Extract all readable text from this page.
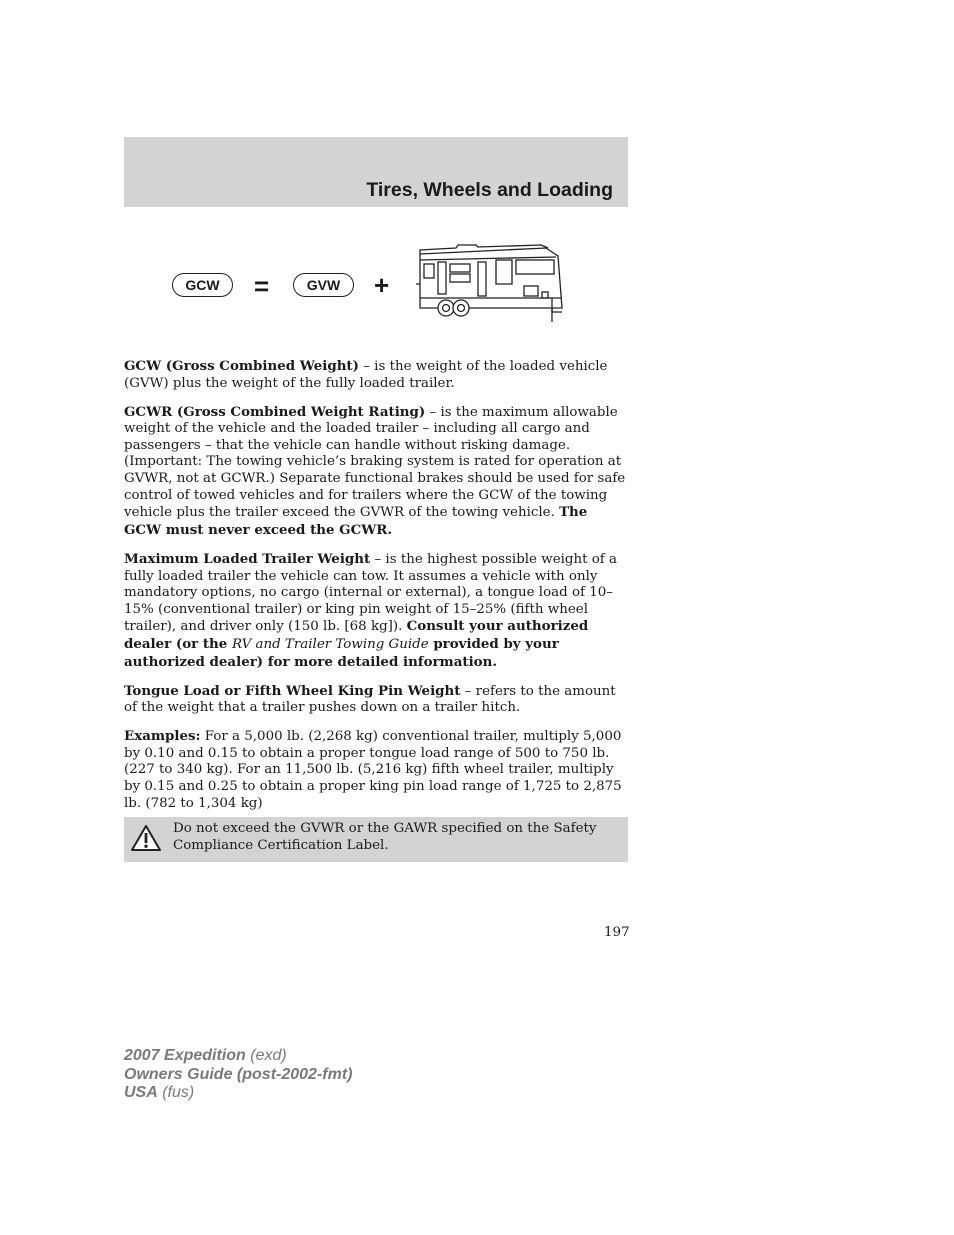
Tires, Wheels and Loading
GCW	=	GVW	+

GCW (Gross Combined Weight) – is the weight of the loaded vehicle (GVW) plus the weight of the fully loaded trailer.

GCWR (Gross Combined Weight Rating) – is the maximum allowable weight of the vehicle and the loaded trailer – including all cargo and passengers – that the vehicle can handle without risking damage. (Important: The towing vehicle’s braking system is rated for operation at GVWR, not at GCWR.) Separate functional brakes should be used for safe control of towed vehicles and for trailers where the GCW of the towing vehicle plus the trailer exceed the GVWR of the towing vehicle. The GCW must never exceed the GCWR.

Maximum Loaded Trailer Weight – is the highest possible weight of a fully loaded trailer the vehicle can tow. It assumes a vehicle with only mandatory options, no cargo (internal or external), a tongue load of 10–15% (conventional trailer) or king pin weight of 15–25% (fifth wheel trailer), and driver only (150 lb. [68 kg]). Consult your authorized dealer (or the RV and Trailer Towing Guide provided by your authorized dealer) for more detailed information.

Tongue Load or Fifth Wheel King Pin Weight – refers to the amount of the weight that a trailer pushes down on a trailer hitch.

Examples: For a 5,000 lb. (2,268 kg) conventional trailer, multiply 5,000 by 0.10 and 0.15 to obtain a proper tongue load range of 500 to 750 lb. (227 to 340 kg). For an 11,500 lb. (5,216 kg) fifth wheel trailer, multiply by 0.15 and 0.25 to obtain a proper king pin load range of 1,725 to 2,875 lb. (782 to 1,304 kg)

Do not exceed the GVWR or the GAWR specified on the Safety Compliance Certification Label.
197
2007 Expedition (exd)
Owners Guide (post-2002-fmt)
USA (fus)
